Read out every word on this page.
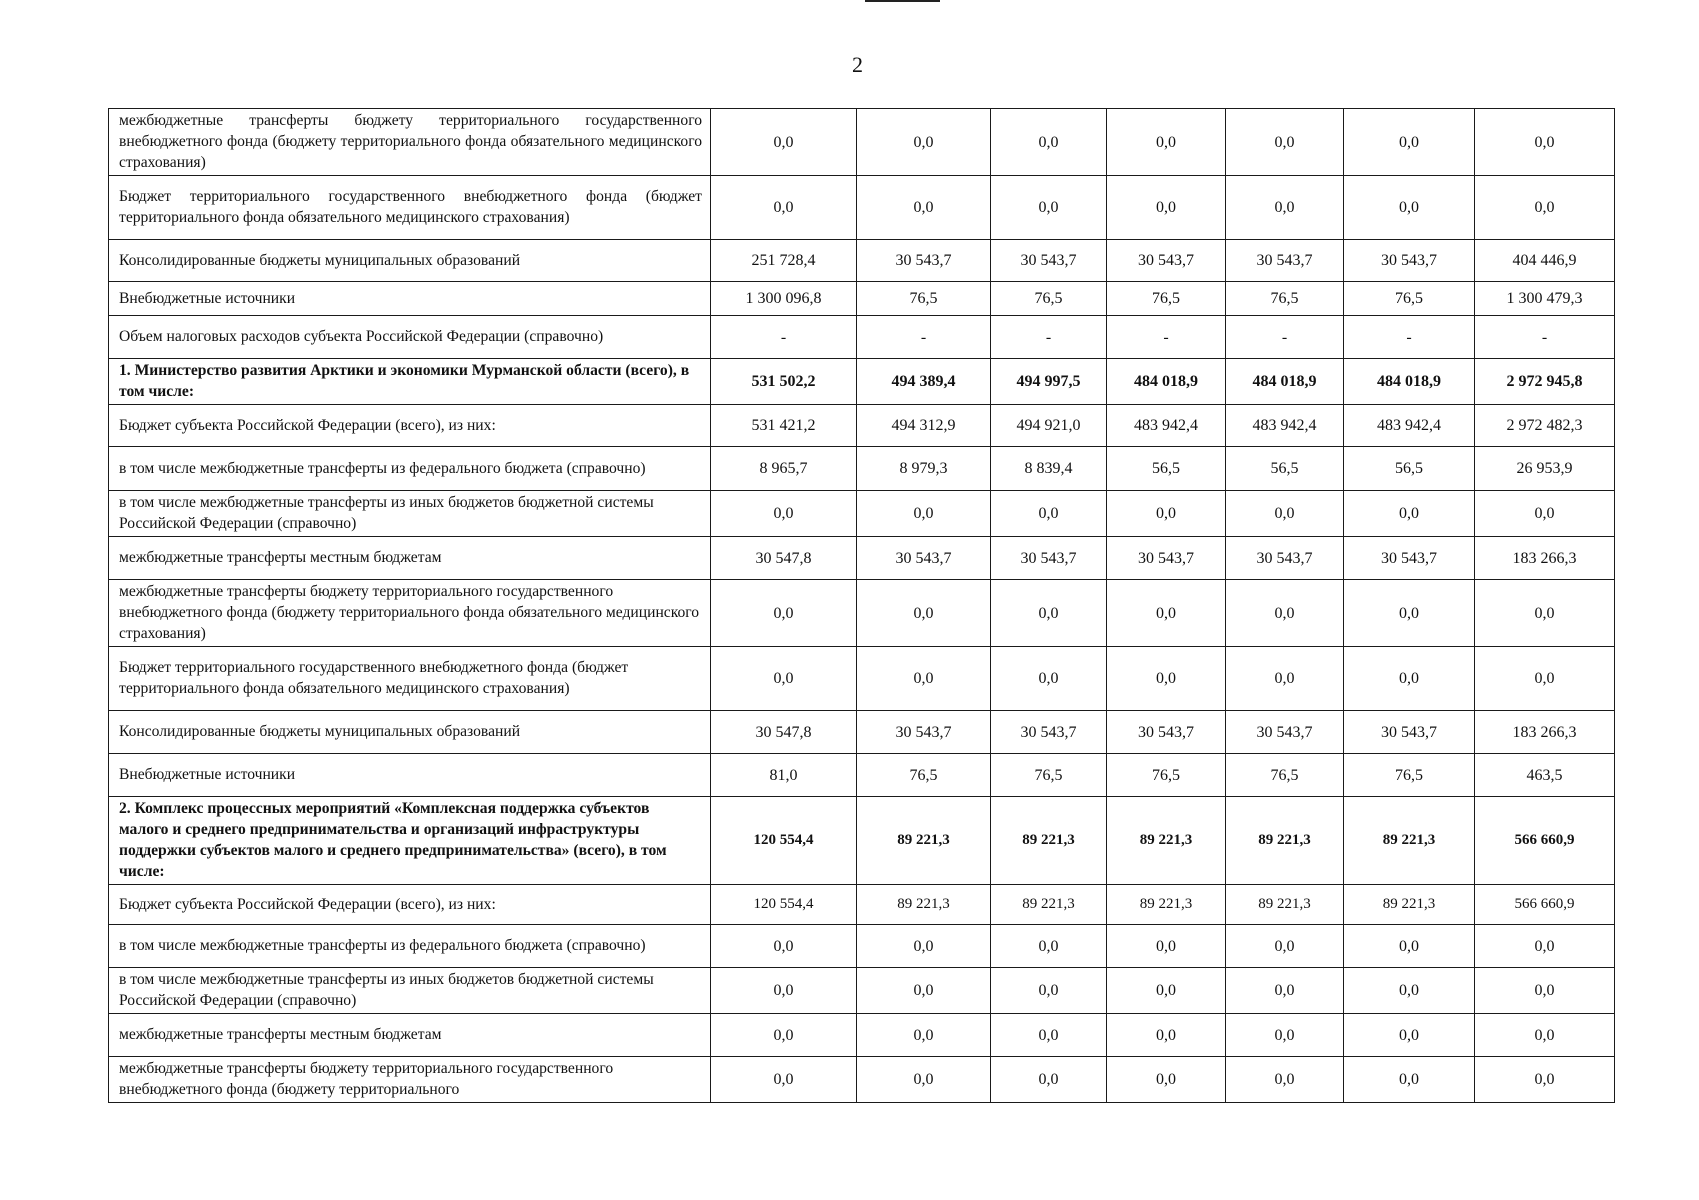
2
межбюджетные трансферты бюджету территориального государственного внебюджетного фонда (бюджету территориального фонда обязательного медицинского страхования)	0,0	0,0	0,0	0,0	0,0	0,0	0,0
Бюджет территориального государственного внебюджетного фонда (бюджет территориального фонда обязательного медицинского страхования)	0,0	0,0	0,0	0,0	0,0	0,0	0,0
Консолидированные бюджеты муниципальных образований	251 728,4	30 543,7	30 543,7	30 543,7	30 543,7	30 543,7	404 446,9
Внебюджетные источники	1 300 096,8	76,5	76,5	76,5	76,5	76,5	1 300 479,3
Объем налоговых расходов субъекта Российской Федерации (справочно)	-	-	-	-	-	-	-
1. Министерство развития Арктики и экономики Мурманской области (всего), в том числе:	531 502,2	494 389,4	494 997,5	484 018,9	484 018,9	484 018,9	2 972 945,8
Бюджет субъекта Российской Федерации (всего), из них:	531 421,2	494 312,9	494 921,0	483 942,4	483 942,4	483 942,4	2 972 482,3
в том числе межбюджетные трансферты из федерального бюджета (справочно)	8 965,7	8 979,3	8 839,4	56,5	56,5	56,5	26 953,9
в том числе межбюджетные трансферты из иных бюджетов бюджетной системы Российской Федерации (справочно)	0,0	0,0	0,0	0,0	0,0	0,0	0,0
межбюджетные трансферты местным бюджетам	30 547,8	30 543,7	30 543,7	30 543,7	30 543,7	30 543,7	183 266,3
межбюджетные трансферты бюджету территориального государственного внебюджетного фонда (бюджету территориального фонда обязательного медицинского страхования)	0,0	0,0	0,0	0,0	0,0	0,0	0,0
Бюджет территориального государственного внебюджетного фонда (бюджет территориального фонда обязательного медицинского страхования)	0,0	0,0	0,0	0,0	0,0	0,0	0,0
Консолидированные бюджеты муниципальных образований	30 547,8	30 543,7	30 543,7	30 543,7	30 543,7	30 543,7	183 266,3
Внебюджетные источники	81,0	76,5	76,5	76,5	76,5	76,5	463,5
2. Комплекс процессных мероприятий «Комплексная поддержка субъектов малого и среднего предпринимательства и организаций инфраструктуры поддержки субъектов малого и среднего предпринимательства» (всего), в том числе:	120 554,4	89 221,3	89 221,3	89 221,3	89 221,3	89 221,3	566 660,9
Бюджет субъекта Российской Федерации (всего), из них:	120 554,4	89 221,3	89 221,3	89 221,3	89 221,3	89 221,3	566 660,9
в том числе межбюджетные трансферты из федерального бюджета (справочно)	0,0	0,0	0,0	0,0	0,0	0,0	0,0
в том числе межбюджетные трансферты из иных бюджетов бюджетной системы Российской Федерации (справочно)	0,0	0,0	0,0	0,0	0,0	0,0	0,0
межбюджетные трансферты местным бюджетам	0,0	0,0	0,0	0,0	0,0	0,0	0,0
межбюджетные трансферты бюджету территориального государственного внебюджетного фонда (бюджету территориального	0,0	0,0	0,0	0,0	0,0	0,0	0,0
